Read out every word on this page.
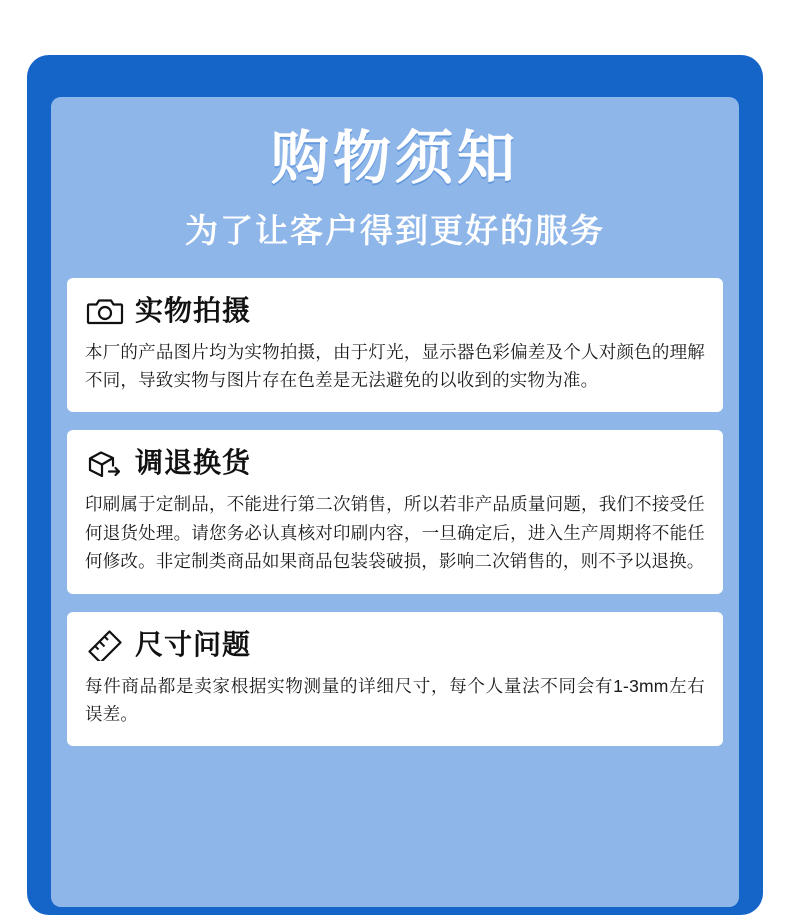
购物须知
为了让客户得到更好的服务
实物拍摄
本厂的产品图片均为实物拍摄，由于灯光，显示器色彩偏差及个人对颜色的理解不同，导致实物与图片存在色差是无法避免的以收到的实物为准。
调退换货
印刷属于定制品，不能进行第二次销售，所以若非产品质量问题，我们不接受任何退货处理。请您务必认真核对印刷内容，一旦确定后，进入生产周期将不能任何修改。非定制类商品如果商品包装袋破损，影响二次销售的，则不予以退换。
尺寸问题
每件商品都是卖家根据实物测量的详细尺寸，每个人量法不同会有1-3mm左右误差。
